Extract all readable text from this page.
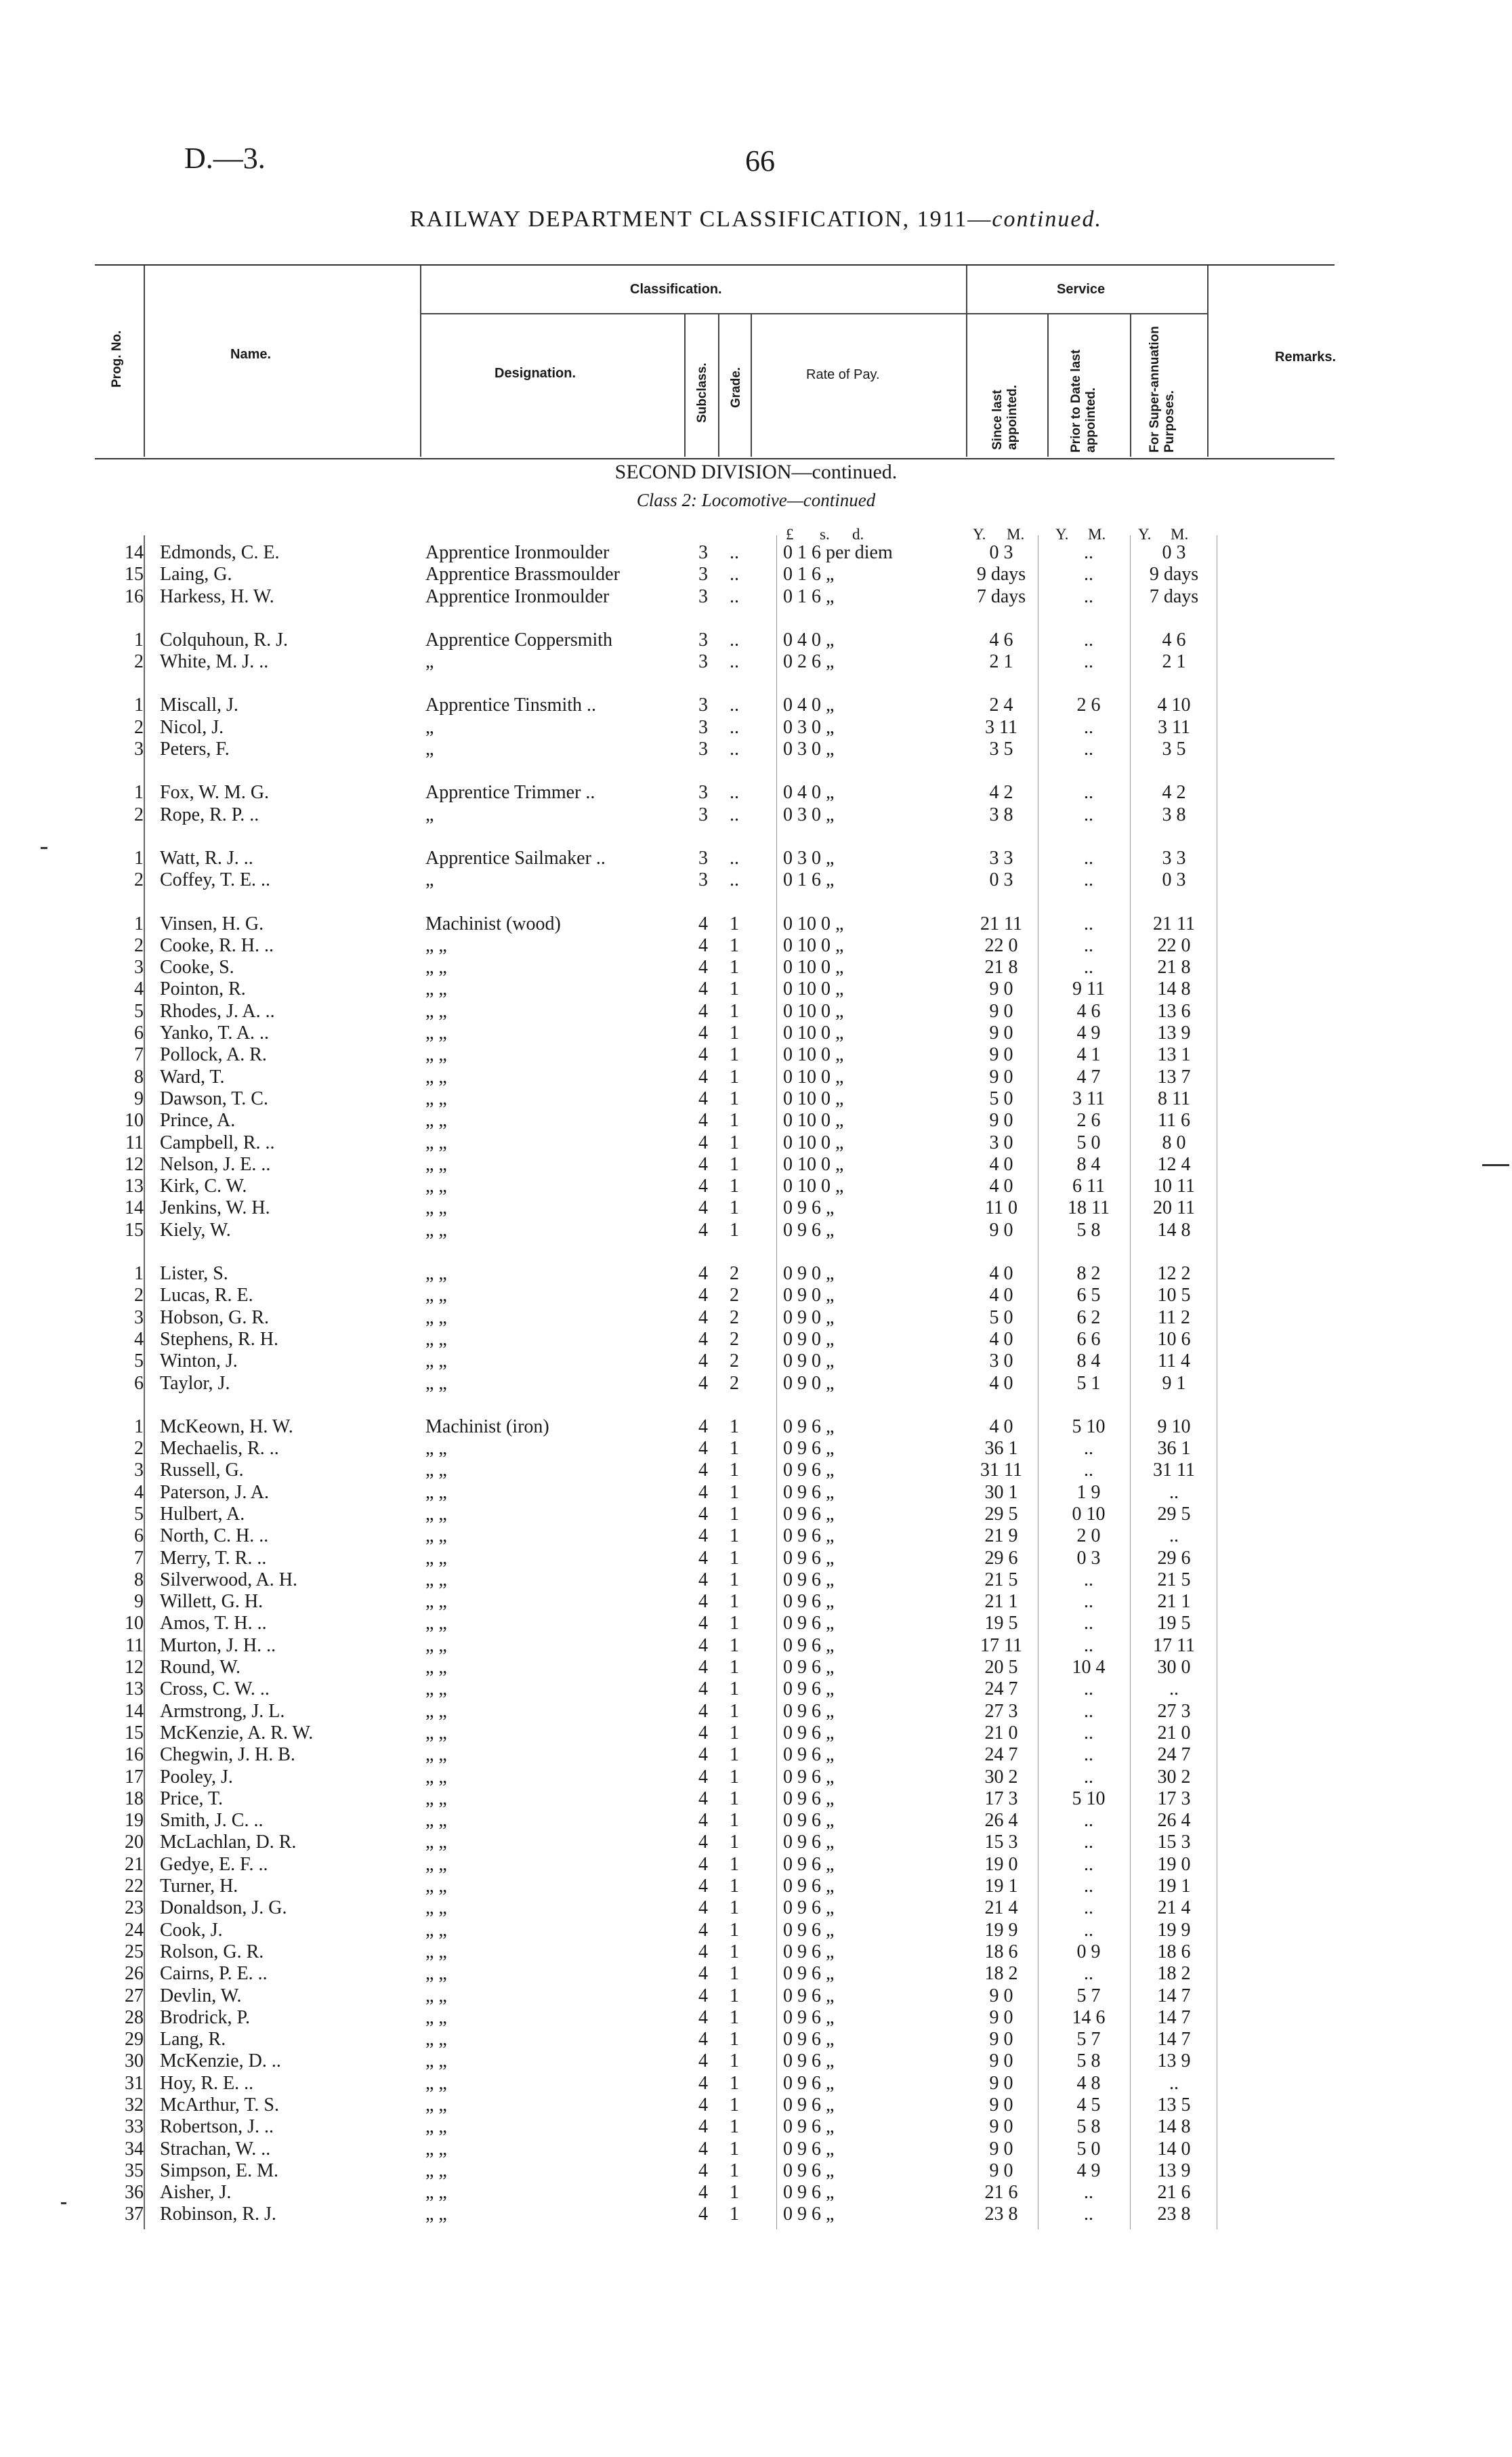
D.—3.	66
RAILWAY DEPARTMENT CLASSIFICATION, 1911—continued.
Prog. No.	Name.
Classification.
Designation.	Subclass. Grade.	Rate of Pay.
Service
Since last appointed.	Prior to Date last appointed.	For Super-annuation Purposes.
Remarks.
SECOND DIVISION—continued.
Class 2: Locomotive—continued
£ s. d.	Y. M. Y. M. Y. M.
14 Edmonds, C. E.	Apprentice Ironmoulder	3	..	0 1 6 per diem	0 3	..	0 3
15 Laing, G.	Apprentice Brassmoulder	3	..	0 1 6 „	9 days	..	9 days
16 Harkess, H. W.	Apprentice Ironmoulder	3	..	0 1 6 „	7 days	..	7 days
1 Colquhoun, R. J.	Apprentice Coppersmith	3	..	0 4 0 „	4 6	..	4 6
2 White, M. J. ..	„	3	..	0 2 6 „	2 1	..	2 1
1 Miscall, J.	Apprentice Tinsmith ..	3	..	0 4 0 „	2 4	2 6	4 10
2 Nicol, J.	„	3	..	0 3 0 „	3 11	..	3 11
3 Peters, F.	„	3	..	0 3 0 „	3 5	..	3 5
1 Fox, W. M. G.	Apprentice Trimmer ..	3	..	0 4 0 „	4 2	..	4 2
2 Rope, R. P. ..	„	3	..	0 3 0 „	3 8	..	3 8
1 Watt, R. J. ..	Apprentice Sailmaker ..	3	..	0 3 0 „	3 3	..	3 3
2 Coffey, T. E. ..	„	3	..	0 1 6 „	0 3	..	0 3
1 Vinsen, H. G.	Machinist (wood)	4	1	0 10 0 „	21 11	..	21 11
2 Cooke, R. H. ..	„ „	4	1	0 10 0 „	22 0	..	22 0
3 Cooke, S.	„ „	4	1	0 10 0 „	21 8	..	21 8
4 Pointon, R.	„ „	4	1	0 10 0 „	9 0	9 11	14 8
5 Rhodes, J. A. ..	„ „	4	1	0 10 0 „	9 0	4 6	13 6
6 Yanko, T. A. ..	„ „	4	1	0 10 0 „	9 0	4 9	13 9
7 Pollock, A. R.	„ „	4	1	0 10 0 „	9 0	4 1	13 1
8 Ward, T.	„ „	4	1	0 10 0 „	9 0	4 7	13 7
9 Dawson, T. C.	„ „	4	1	0 10 0 „	5 0	3 11	8 11
10 Prince, A.	„ „	4	1	0 10 0 „	9 0	2 6	11 6
11 Campbell, R. ..	„ „	4	1	0 10 0 „	3 0	5 0	8 0
12 Nelson, J. E. ..	„ „	4	1	0 10 0 „	4 0	8 4	12 4
13 Kirk, C. W.	„ „	4	1	0 10 0 „	4 0	6 11	10 11
14 Jenkins, W. H.	„ „	4	1	0 9 6 „	11 0	18 11	20 11
15 Kiely, W.	„ „	4	1	0 9 6 „	9 0	5 8	14 8
1 Lister, S.	„ „	4	2	0 9 0 „	4 0	8 2	12 2
2 Lucas, R. E.	„ „	4	2	0 9 0 „	4 0	6 5	10 5
3 Hobson, G. R.	„ „	4	2	0 9 0 „	5 0	6 2	11 2
4 Stephens, R. H.	„ „	4	2	0 9 0 „	4 0	6 6	10 6
5 Winton, J.	„ „	4	2	0 9 0 „	3 0	8 4	11 4
6 Taylor, J.	„ „	4	2	0 9 0 „	4 0	5 1	9 1
1 McKeown, H. W.	Machinist (iron)	4	1	0 9 6 „	4 0	5 10	9 10
2 Mechaelis, R. ..	„ „	4	1	0 9 6 „	36 1	..	36 1
3 Russell, G.	„ „	4	1	0 9 6 „	31 11	..	31 11
4 Paterson, J. A.	„ „	4	1	0 9 6 „	30 1	1 9	..
5 Hulbert, A.	„ „	4	1	0 9 6 „	29 5	0 10	29 5
6 North, C. H. ..	„ „	4	1	0 9 6 „	21 9	2 0	..
7 Merry, T. R. ..	„ „	4	1	0 9 6 „	29 6	0 3	29 6
8 Silverwood, A. H.	„ „	4	1	0 9 6 „	21 5	..	21 5
9 Willett, G. H.	„ „	4	1	0 9 6 „	21 1	..	21 1
10 Amos, T. H. ..	„ „	4	1	0 9 6 „	19 5	..	19 5
11 Murton, J. H. ..	„ „	4	1	0 9 6 „	17 11	..	17 11
12 Round, W.	„ „	4	1	0 9 6 „	20 5	10 4	30 0
13 Cross, C. W. ..	„ „	4	1	0 9 6 „	24 7	..	..
14 Armstrong, J. L.	„ „	4	1	0 9 6 „	27 3	..	27 3
15 McKenzie, A. R. W.	„ „	4	1	0 9 6 „	21 0	..	21 0
16 Chegwin, J. H. B.	„ „	4	1	0 9 6 „	24 7	..	24 7
17 Pooley, J.	„ „	4	1	0 9 6 „	30 2	..	30 2
18 Price, T.	„ „	4	1	0 9 6 „	17 3	5 10	17 3
19 Smith, J. C. ..	„ „	4	1	0 9 6 „	26 4	..	26 4
20 McLachlan, D. R.	„ „	4	1	0 9 6 „	15 3	..	15 3
21 Gedye, E. F. ..	„ „	4	1	0 9 6 „	19 0	..	19 0
22 Turner, H.	„ „	4	1	0 9 6 „	19 1	..	19 1
23 Donaldson, J. G.	„ „	4	1	0 9 6 „	21 4	..	21 4
24 Cook, J.	„ „	4	1	0 9 6 „	19 9	..	19 9
25 Rolson, G. R.	„ „	4	1	0 9 6 „	18 6	0 9	18 6
26 Cairns, P. E. ..	„ „	4	1	0 9 6 „	18 2	..	18 2
27 Devlin, W.	„ „	4	1	0 9 6 „	9 0	5 7	14 7
28 Brodrick, P.	„ „	4	1	0 9 6 „	9 0	14 6	14 7
29 Lang, R.	„ „	4	1	0 9 6 „	9 0	5 7	14 7
30 McKenzie, D. ..	„ „	4	1	0 9 6 „	9 0	5 8	13 9
31 Hoy, R. E. ..	„ „	4	1	0 9 6 „	9 0	4 8	..
32 McArthur, T. S.	„ „	4	1	0 9 6 „	9 0	4 5	13 5
33 Robertson, J. ..	„ „	4	1	0 9 6 „	9 0	5 8	14 8
34 Strachan, W. ..	„ „	4	1	0 9 6 „	9 0	5 0	14 0
35 Simpson, E. M.	„ „	4	1	0 9 6 „	9 0	4 9	13 9
36 Aisher, J.	„ „	4	1	0 9 6 „	21 6	..	21 6
37 Robinson, R. J.	„ „	4	1	0 9 6 „	23 8	..	23 8
